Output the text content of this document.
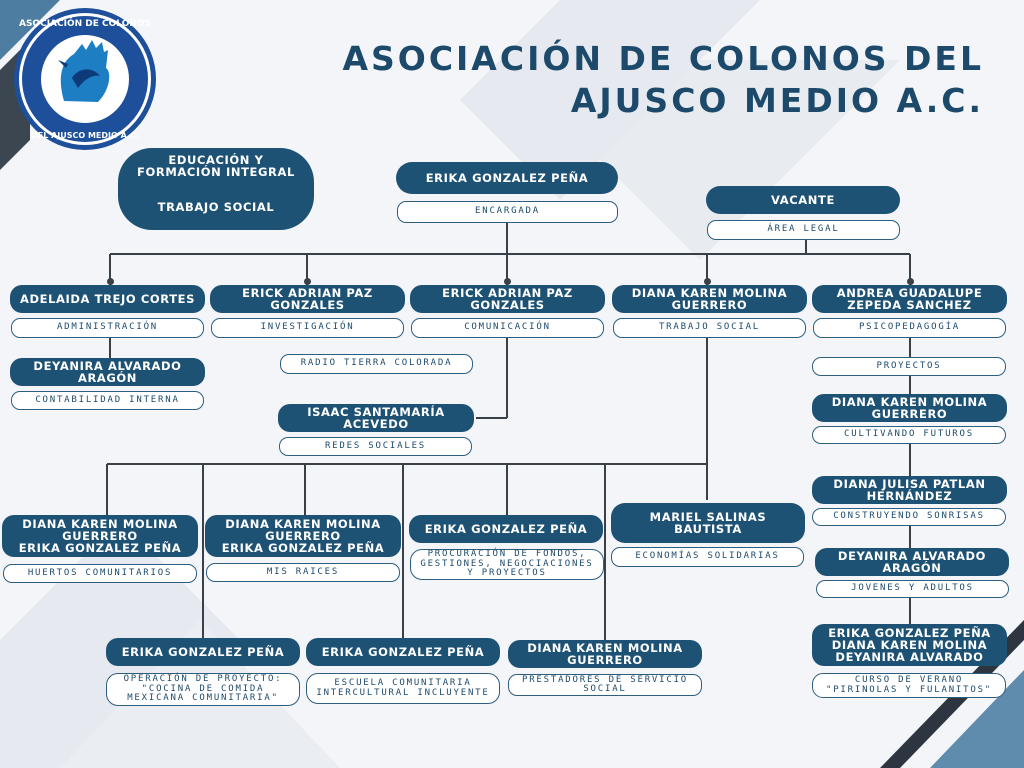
ASOCIACIÓN DE COLONOS
DEL AJUSCO MEDIO A.C.
ASOCIACIÓN DE COLONOS DEL
AJUSCO MEDIO A.C.
EDUCACIÓN Y
FORMACIÓN INTEGRAL
TRABAJO SOCIAL
ERIKA GONZALEZ PEÑA
ENCARGADA
VACANTE
ÁREA LEGAL
ADELAIDA TREJO CORTES
ADMINISTRACIÓN
ERICK ADRIAN PAZ
GONZALES
INVESTIGACIÓN
ERICK ADRIAN PAZ
GONZALES
COMUNICACIÓN
DIANA KAREN MOLINA
GUERRERO
TRABAJO SOCIAL
ANDREA GUADALUPE
ZEPEDA SANCHEZ
PSICOPEDAGOGÍA
DEYANIRA ALVARADO
ARAGÓN
CONTABILIDAD INTERNA
RADIO TIERRA COLORADA
ISAAC SANTAMARÍA
ACEVEDO
REDES SOCIALES
DIANA KAREN MOLINA
GUERRERO
ERIKA GONZALEZ PEÑA
HUERTOS COMUNITARIOS
DIANA KAREN MOLINA
GUERRERO
ERIKA GONZALEZ PEÑA
MIS RAICES
ERIKA GONZALEZ PEÑA
PROCURACIÓN DE FONDOS,
GESTIONES, NEGOCIACIONES
Y PROYECTOS
MARIEL SALINAS
BAUTISTA
ECONOMÍAS SOLIDARIAS
ERIKA GONZALEZ PEÑA
OPERACIÓN DE PROYECTO:
"COCINA DE COMIDA
MEXICANA COMUNITARIA"
ERIKA GONZALEZ PEÑA
ESCUELA COMUNITARIA
INTERCULTURAL INCLUYENTE
DIANA KAREN MOLINA
GUERRERO
PRESTADORES DE SERVICIO
SOCIAL
PROYECTOS
DIANA KAREN MOLINA
GUERRERO
CULTIVANDO FUTUROS
DIANA JULISA PATLAN
HERNÁNDEZ
CONSTRUYENDO SONRISAS
DEYANIRA ALVARADO
ARAGÓN
JOVENES Y ADULTOS
ERIKA GONZALEZ PEÑA
DIANA KAREN MOLINA
DEYANIRA ALVARADO
CURSO DE VERANO
"PIRINOLAS Y FULANITOS"
